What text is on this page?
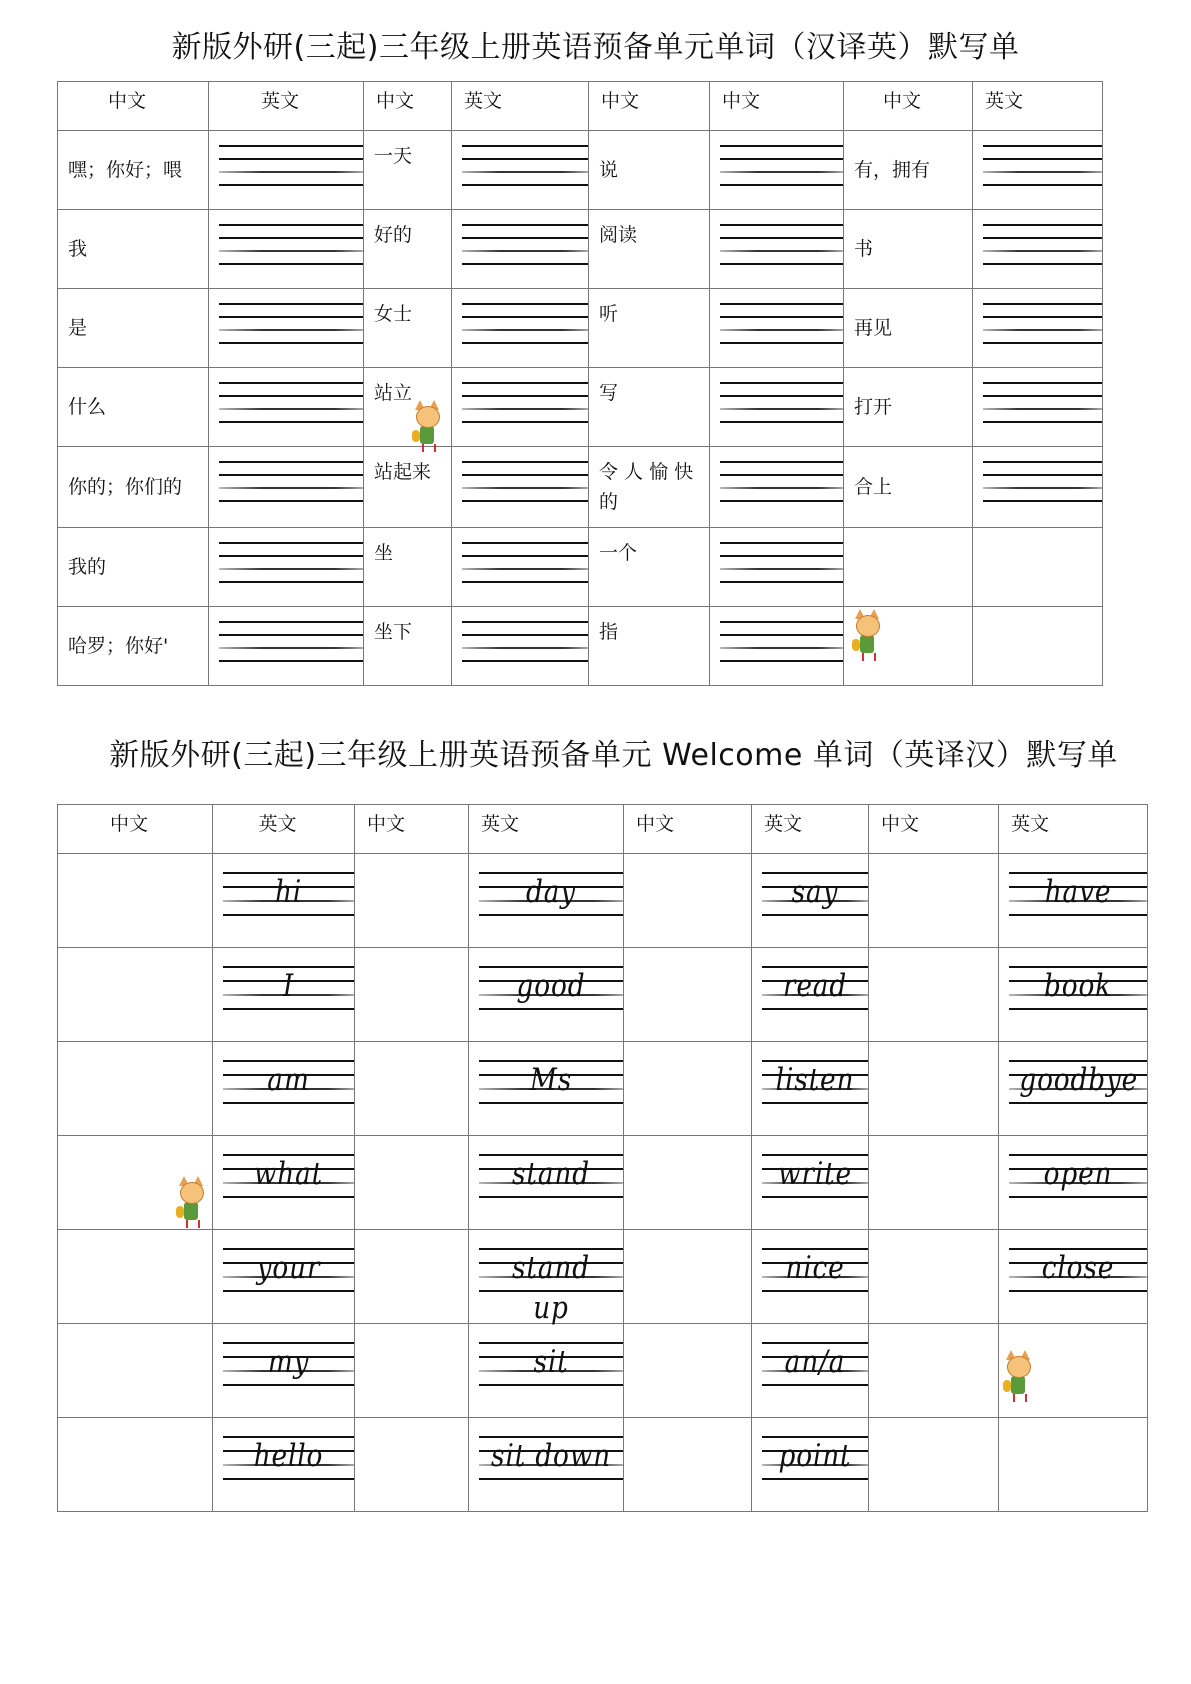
新版外研(三起)三年级上册英语预备单元单词（汉译英）默写单
中文	英文	中文	英文	中文	中文	中文	英文

嘿；你好；喂		一天		说		有，拥有	

我		好的		阅读		书	

是		女士		听		再见	

什么		站立		写		打开	

你的；你们的		站起来		令 人 愉 快 的		合上	

我的		坐		一个			

哈罗；你好'		坐下		指			

新版外研(三起)三年级上册英语预备单元 Welcome 单词（英译汉）默写单
中文	英文	中文	英文	中文	英文	中文	英文

	hi		day		say		have

	I		good		read		book

	am		Ms		listen		goodbye

	what		stand		write		open

	your		stand up		nice		close

	my		sit		an/a		

	hello		sit down		point		
